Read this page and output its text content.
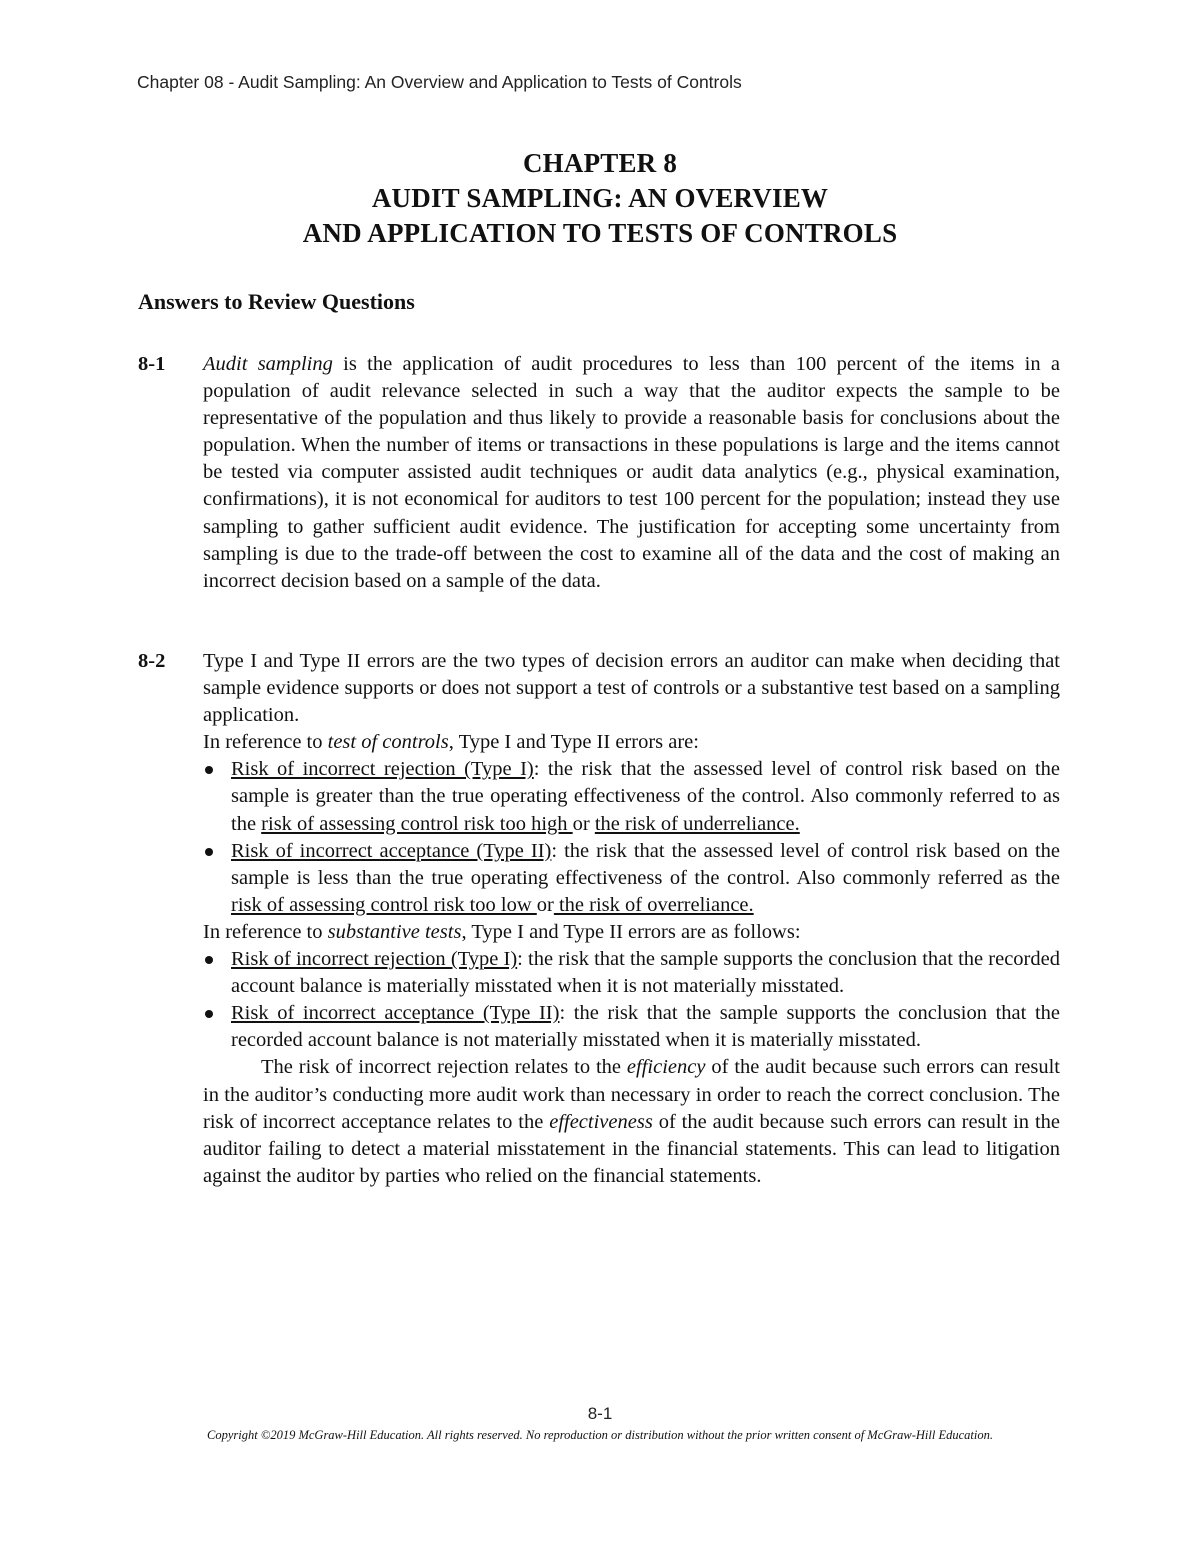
Chapter 08 - Audit Sampling: An Overview and Application to Tests of Controls
CHAPTER 8
AUDIT SAMPLING: AN OVERVIEW
AND APPLICATION TO TESTS OF CONTROLS
Answers to Review Questions
8-1 Audit sampling is the application of audit procedures to less than 100 percent of the items in a population of audit relevance selected in such a way that the auditor expects the sample to be representative of the population and thus likely to provide a reasonable basis for conclusions about the population. When the number of items or transactions in these populations is large and the items cannot be tested via computer assisted audit techniques or audit data analytics (e.g., physical examination, confirmations), it is not economical for auditors to test 100 percent for the population; instead they use sampling to gather sufficient audit evidence. The justification for accepting some uncertainty from sampling is due to the trade-off between the cost to examine all of the data and the cost of making an incorrect decision based on a sample of the data.

8-2 Type I and Type II errors are the two types of decision errors an auditor can make when deciding that sample evidence supports or does not support a test of controls or a substantive test based on a sampling application.

In reference to test of controls, Type I and Type II errors are:

Risk of incorrect rejection (Type I): the risk that the assessed level of control risk based on the sample is greater than the true operating effectiveness of the control. Also commonly referred to as the risk of assessing control risk too high or the risk of underreliance.
Risk of incorrect acceptance (Type II): the risk that the assessed level of control risk based on the sample is less than the true operating effectiveness of the control. Also commonly referred as the risk of assessing control risk too low or the risk of overreliance.

In reference to substantive tests, Type I and Type II errors are as follows:

Risk of incorrect rejection (Type I): the risk that the sample supports the conclusion that the recorded account balance is materially misstated when it is not materially misstated.
Risk of incorrect acceptance (Type II): the risk that the sample supports the conclusion that the recorded account balance is not materially misstated when it is materially misstated.

The risk of incorrect rejection relates to the efficiency of the audit because such errors can result in the auditor’s conducting more audit work than necessary in order to reach the correct conclusion. The risk of incorrect acceptance relates to the effectiveness of the audit because such errors can result in the auditor failing to detect a material misstatement in the financial statements. This can lead to litigation against the auditor by parties who relied on the financial statements.

8-1
Copyright ©2019 McGraw-Hill Education. All rights reserved. No reproduction or distribution without the prior written consent of McGraw-Hill Education.
